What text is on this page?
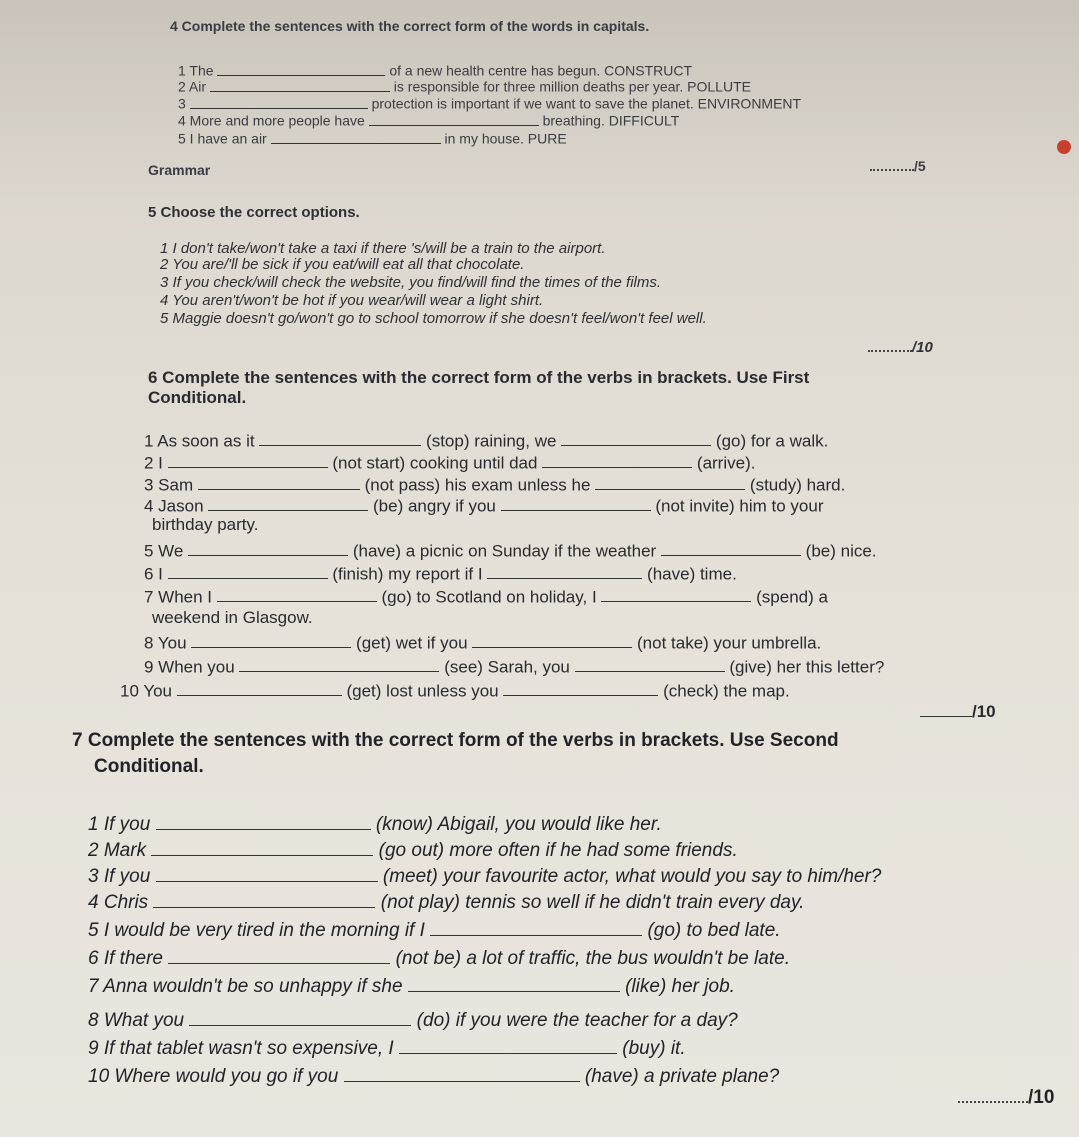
4 Complete the sentences with the correct form of the words in capitals.
1 The	of a new health centre has begun. CONSTRUCT
2 Air	is responsible for three million deaths per year. POLLUTE
3	protection is important if we want to save the planet. ENVIRONMENT
4 More and more people have	breathing. DIFFICULT
5 I have an air	in my house. PURE
Grammar	/5
5 Choose the correct options.
1 I don't take/won't take a taxi if there 's/will be a train to the airport.
2 You are/'ll be sick if you eat/will eat all that chocolate.
3 If you check/will check the website, you find/will find the times of the films.
4 You aren't/won't be hot if you wear/will wear a light shirt.
5 Maggie doesn't go/won't go to school tomorrow if she doesn't feel/won't feel well.
/10
6 Complete the sentences with the correct form of the verbs in brackets. Use First
Conditional.
1 As soon as it	(stop) raining, we	(go) for a walk.
2 I	(not start) cooking until dad	(arrive).
3 Sam	(not pass) his exam unless he	(study) hard.
4 Jason	(be) angry if you	(not invite) him to your
birthday party.
5 We	(have) a picnic on Sunday if the weather	(be) nice.
6 I	(finish) my report if I	(have) time.
7 When I	(go) to Scotland on holiday, I	(spend) a
weekend in Glasgow.
8 You	(get) wet if you	(not take) your umbrella.
9 When you	(see) Sarah, you	(give) her this letter?
10 You	(get) lost unless you	(check) the map.
/10
7 Complete the sentences with the correct form of the verbs in brackets. Use Second
Conditional.
1 If you	(know) Abigail, you would like her.
2 Mark	(go out) more often if he had some friends.
3 If you	(meet) your favourite actor, what would you say to him/her?
4 Chris	(not play) tennis so well if he didn't train every day.
5 I would be very tired in the morning if I	(go) to bed late.
6 If there	(not be) a lot of traffic, the bus wouldn't be late.
7 Anna wouldn't be so unhappy if she	(like) her job.
8 What you	(do) if you were the teacher for a day?
9 If that tablet wasn't so expensive, I	(buy) it.
10 Where would you go if you	(have) a private plane?
/10
